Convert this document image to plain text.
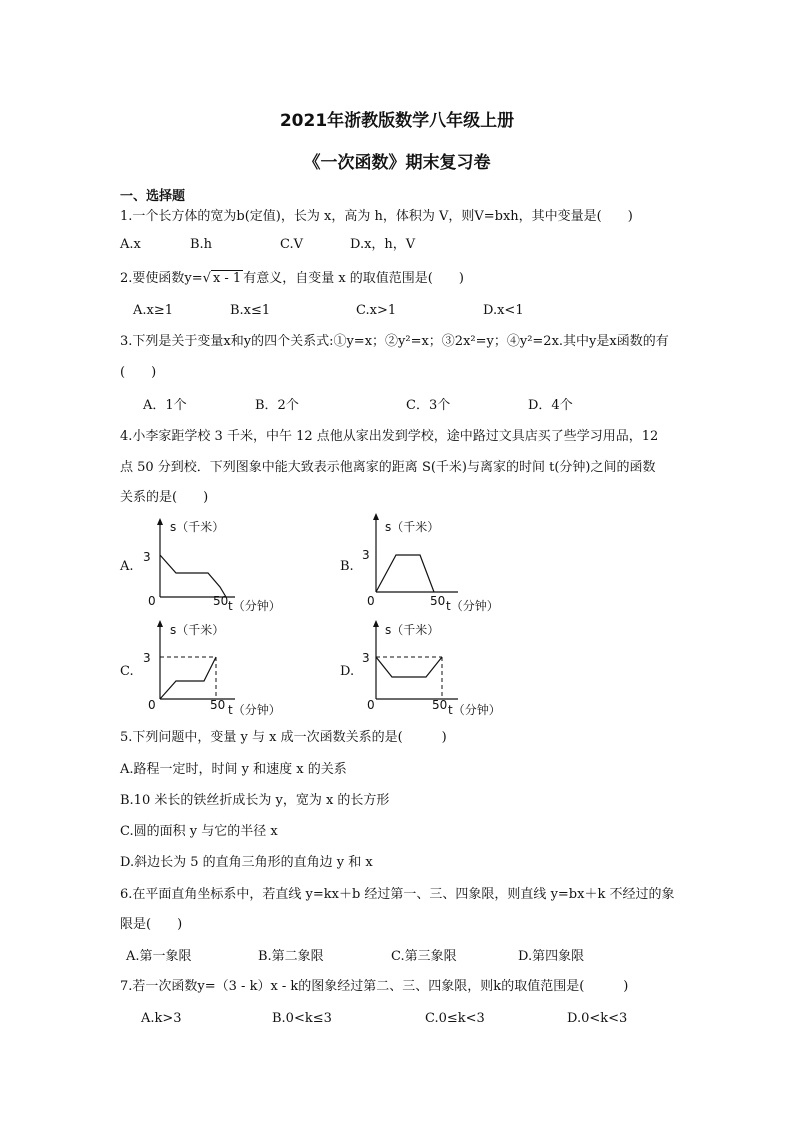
2021年浙教版数学八年级上册
《一次函数》期末复习卷
一、选择题
1.一个长方体的宽为b(定值)，长为 x，高为 h，体积为 V，则V=bxh，其中变量是(　　)
A.x	B.h	C.V	D.x，h，V
2.要使函数y=√ x - 1 有意义，自变量 x 的取值范围是(　　)
A.x≥1	B.x≤1	C.x>1	D.x<1
3.下列是关于变量x和y的四个关系式:①y=x；②y²=x；③2x²=y；④y²=2x.其中y是x函数的有
(　　)
A．1个	B．2个	C．3个	D．4个
4.小李家距学校 3 千米，中午 12 点他从家出发到学校，途中路过文具店买了些学习用品，12
点 50 分到校．下列图象中能大致表示他离家的距离 S(千米)与离家的时间 t(分钟)之间的函数
关系的是(　　)
A.
s（千米）
3
0	50 t（分钟）
B.
s（千米）
3
0	50 t（分钟）
C.
s（千米）
3
0	50 t（分钟）
D.
s（千米）
3
0	50 t（分钟）
5.下列问题中，变量 y 与 x 成一次函数关系的是(　　　)
A.路程一定时，时间 y 和速度 x 的关系
B.10 米长的铁丝折成长为 y，宽为 x 的长方形
C.圆的面积 y 与它的半径 x
D.斜边长为 5 的直角三角形的直角边 y 和 x
6.在平面直角坐标系中，若直线 y=kx＋b 经过第一、三、四象限，则直线 y=bx＋k 不经过的象
限是(　　)
A.第一象限	B.第二象限	C.第三象限	D.第四象限
7.若一次函数y=（3 - k）x - k的图象经过第二、三、四象限，则k的取值范围是(　　　)
A.k>3	B.0<k≤3	C.0≤k<3	D.0<k<3
